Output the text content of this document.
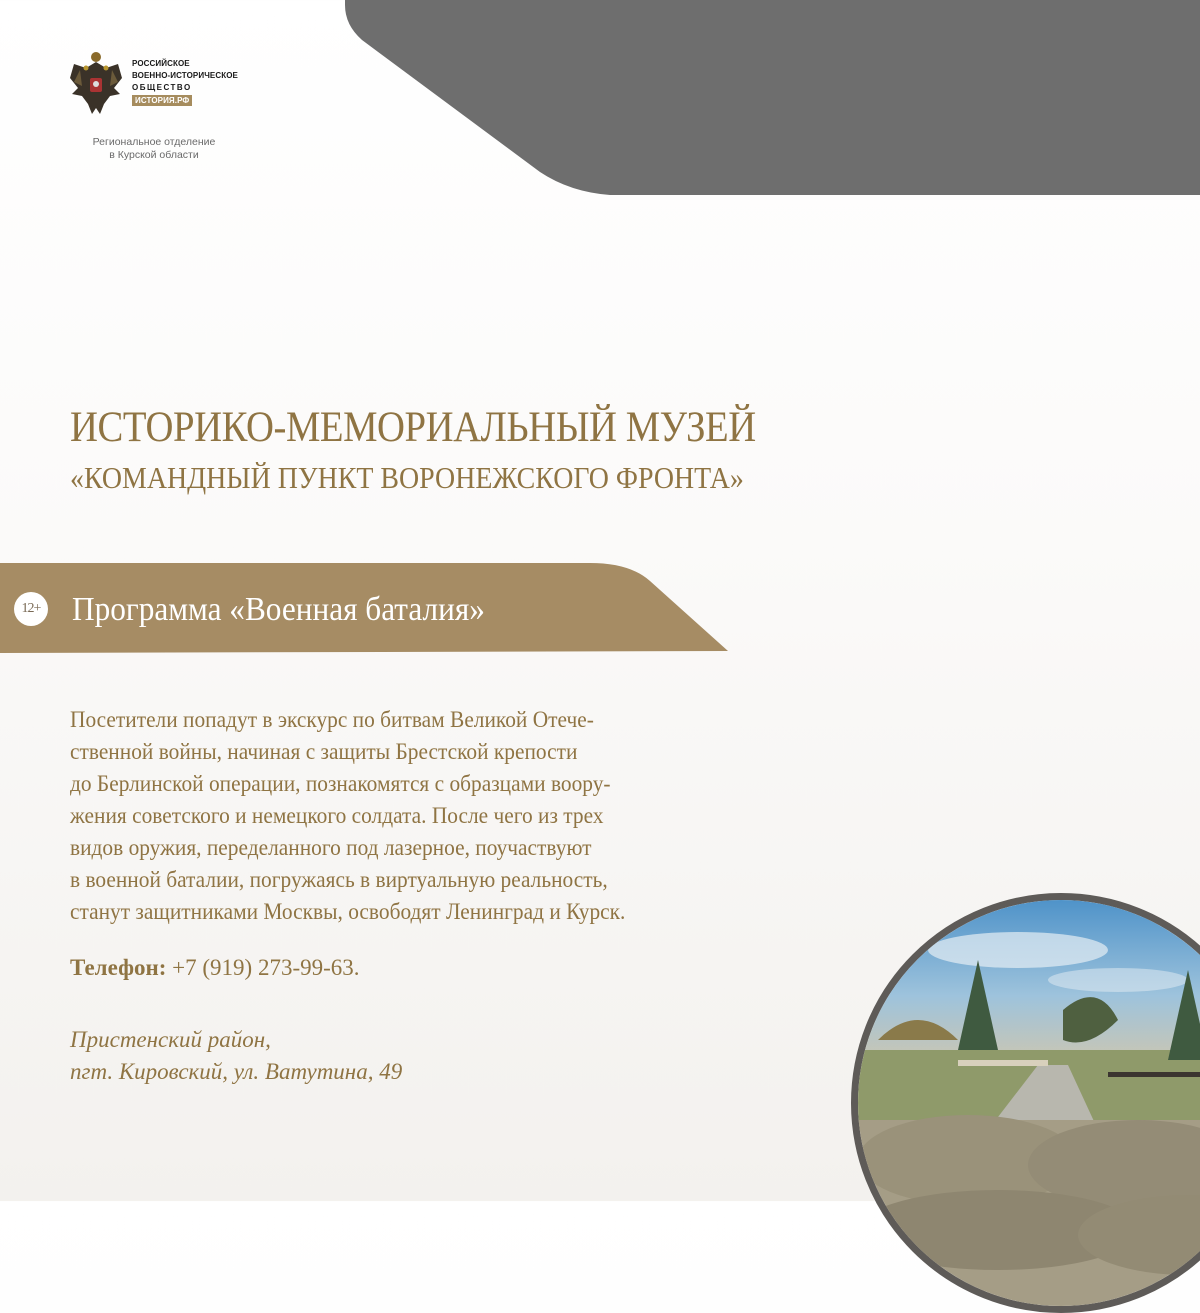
РОССИЙСКОЕ
ВОЕННО-ИСТОРИЧЕСКОЕ
ОБЩЕСТВО
ИСТОРИЯ.РФ
Региональное отделение
в Курской области
ИСТОРИКО-МЕМОРИАЛЬНЫЙ МУЗЕЙ
«КОМАНДНЫЙ ПУНКТ ВОРОНЕЖСКОГО ФРОНТА»
12+ Программа «Военная баталия»
Посетители попадут в экскурс по битвам Великой Отече-
ственной войны, начиная с защиты Брестской крепости
до Берлинской операции, познакомятся с образцами воору-
жения советского и немецкого солдата. После чего из трех
видов оружия, переделанного под лазерное, поучаствуют
в военной баталии, погружаясь в виртуальную реальность,
станут защитниками Москвы, освободят Ленинград и Курск.
Телефон: +7 (919) 273-99-63.
Пристенский район,
пгт. Кировский, ул. Ватутина, 49
